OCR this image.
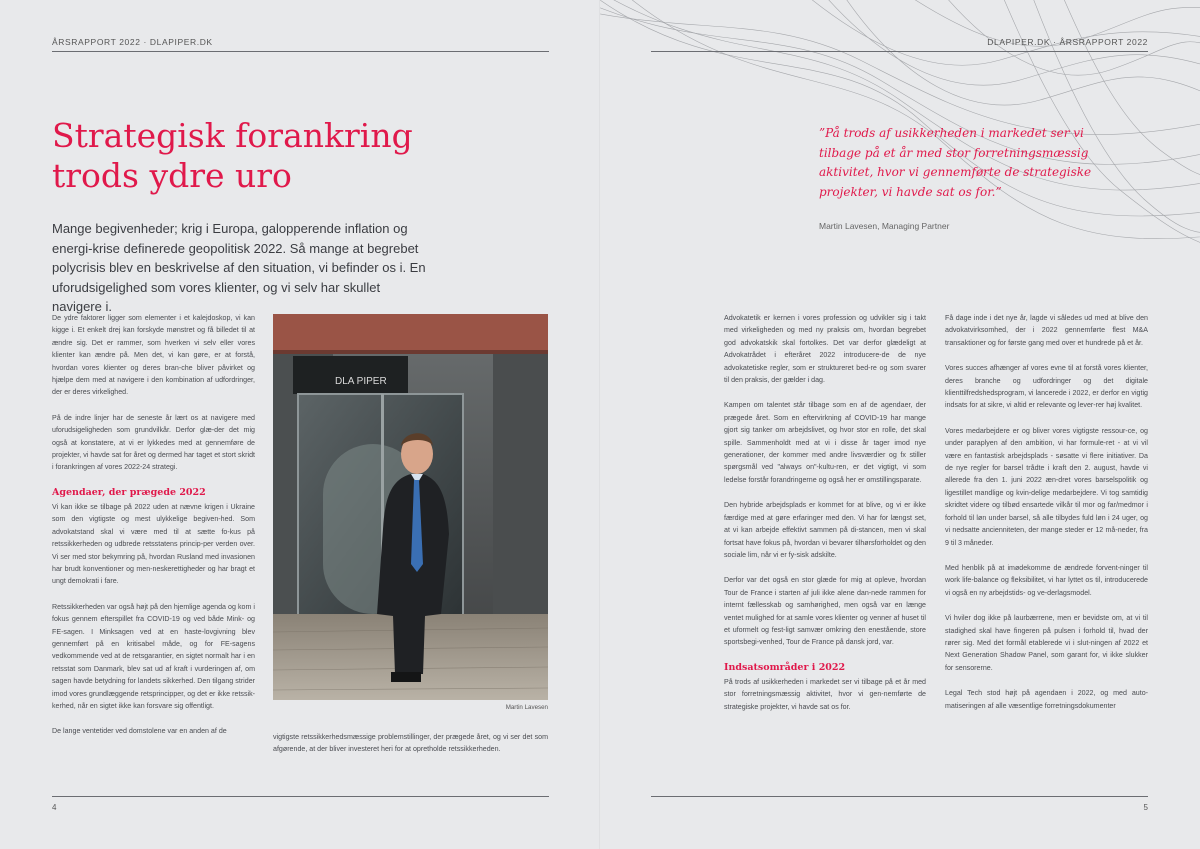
ÅRSRAPPORT 2022 · DLAPIPER.DK
Strategisk forankring
trods ydre uro
Mange begivenheder; krig i Europa, galopperende inflation og energi-krise definerede geopolitisk 2022. Så mange at begrebet polycrisis blev en beskrivelse af den situation, vi befinder os i. En uforudsigelighed som vores klienter, og vi selv har skullet navigere i.

De ydre faktorer ligger som elementer i et kalejdoskop, vi kan kigge i. Et enkelt drej kan forskyde mønstret og få billedet til at ændre sig. Det er rammer, som hverken vi selv eller vores klienter kan ændre på. Men det, vi kan gøre, er at forstå, hvordan vores klienter og deres bran-che bliver påvirket og hjælpe dem med at navigere i den kombination af udfordringer, der er deres virkelighed.

På de indre linjer har de seneste år lært os at navigere med uforudsigeligheden som grundvilkår. Derfor glæ-der det mig også at konstatere, at vi er lykkedes med at gennemføre de projekter, vi havde sat for året og dermed har taget et stort skridt i forankringen af vores 2022-24 strategi.

Agendaer, der prægede 2022

Vi kan ikke se tilbage på 2022 uden at nævne krigen i Ukraine som den vigtigste og mest ulykkelige begiven-hed. Som advokatstand skal vi være med til at sætte fo-kus på retssikkerheden og udbrede retsstatens princip-per verden over. Vi ser med stor bekymring på, hvordan Rusland med invasionen har brudt konventioner og men-neskerettigheder og har bragt et ungt demokrati i fare.

Retssikkerheden var også højt på den hjemlige agenda og kom i fokus gennem efterspillet fra COVID-19 og ved både Mink- og FE-sagen. I Minksagen ved at en haste-lovgivning blev gennemført på en kritisabel måde, og for FE-sagens vedkommende ved at de retsgarantier, en sigtet normalt har i en retsstat som Danmark, blev sat ud af kraft i vurderingen af, om sagen havde betydning for landets sikkerhed. Den tilgang strider imod vores grundlæggende retsprincipper, og det er ikke retssik-kerhed, når en sigtet ikke kan forsvare sig offentligt.

De lange ventetider ved domstolene var en anden af de

DLA PIPER
Martin Lavesen

vigtigste retssikkerhedsmæssige problemstillinger, der prægede året, og vi ser det som afgørende, at der bliver investeret heri for at opretholde retssikkerheden.

4
DLAPIPER.DK · ÅRSRAPPORT 2022
”På trods af usikkerheden i markedet ser vi tilbage på et år med stor forretningsmæssig aktivitet, hvor vi gennemførte de strategiske projekter, vi havde sat os for.”
Martin Lavesen, Managing Partner

Advokatetik er kernen i vores profession og udvikler sig i takt med virkeligheden og med ny praksis om, hvordan begrebet god advokatskik skal fortolkes. Det var derfor glædeligt at Advokatrådet i efteråret 2022 introducere-de de nye advokatetiske regler, som er struktureret bed-re og som svarer til den praksis, der gælder i dag.

Kampen om talentet står tilbage som en af de agendaer, der prægede året. Som en eftervirkning af COVID-19 har mange gjort sig tanker om arbejdslivet, og hvor stor en rolle, det skal spille. Sammenholdt med at vi i disse år tager imod nye generationer, der kommer med andre livsværdier og fx stiller spørgsmål ved "always on"-kultu-ren, er det vigtigt, vi som ledelse forstår forandringerne og også her er omstillingsparate.

Den hybride arbejdsplads er kommet for at blive, og vi er ikke færdige med at gøre erfaringer med den. Vi har for længst set, at vi kan arbejde effektivt sammen på di-stancen, men vi skal fortsat have fokus på, hvordan vi bevarer tilhørsforholdet og den sociale lim, når vi er fy-sisk adskilte.

Derfor var det også en stor glæde for mig at opleve, hvordan Tour de France i starten af juli ikke alene dan-nede rammen for internt fællesskab og samhørighed, men også var en længe ventet mulighed for at samle vores klienter og venner af huset til et uformelt og fest-ligt samvær omkring den enestående, store sportsbegi-venhed, Tour de France på dansk jord, var.

Indsatsområder i 2022

På trods af usikkerheden i markedet ser vi tilbage på et år med stor forretningsmæssig aktivitet, hvor vi gen-nemførte de strategiske projekter, vi havde sat os for.

Få dage inde i det nye år, lagde vi således ud med at blive den advokatvirksomhed, der i 2022 gennemførte flest M&A transaktioner og for første gang med over et hundrede på et år.

Vores succes afhænger af vores evne til at forstå vores klienter, deres branche og udfordringer og det digitale klienttilfredshedsprogram, vi lancerede i 2022, er derfor en vigtig indsats for at sikre, vi altid er relevante og lever-rer høj kvalitet.

Vores medarbejdere er og bliver vores vigtigste ressour-ce, og under paraplyen af den ambition, vi har formule-ret - at vi vil være en fantastisk arbejdsplads - søsatte vi flere initiativer. Da de nye regler for barsel trådte i kraft den 2. august, havde vi allerede fra den 1. juni 2022 æn-dret vores barselspolitik og ligestillet mandlige og kvin-delige medarbejdere. Vi tog samtidig skridtet videre og tilbød ensartede vilkår til mor og far/medmor i forhold til løn under barsel, så alle tilbydes fuld løn i 24 uger, og vi nedsatte ancienniteten, der mange steder er 12 må-neder, fra 9 til 3 måneder.

Med henblik på at imødekomme de ændrede forvent-ninger til work life-balance og fleksibilitet, vi har lyttet os til, introducerede vi også en ny arbejdstids- og ve-derlagsmodel.

Vi hviler dog ikke på laurbærrene, men er bevidste om, at vi til stadighed skal have fingeren på pulsen i forhold til, hvad der rører sig. Med det formål etablerede vi i slut-ningen af 2022 et Next Generation Shadow Panel, som garant for, vi ikke slukker for sensorerne.

Legal Tech stod højt på agendaen i 2022, og med auto-matiseringen af alle væsentlige forretningsdokumenter

5
